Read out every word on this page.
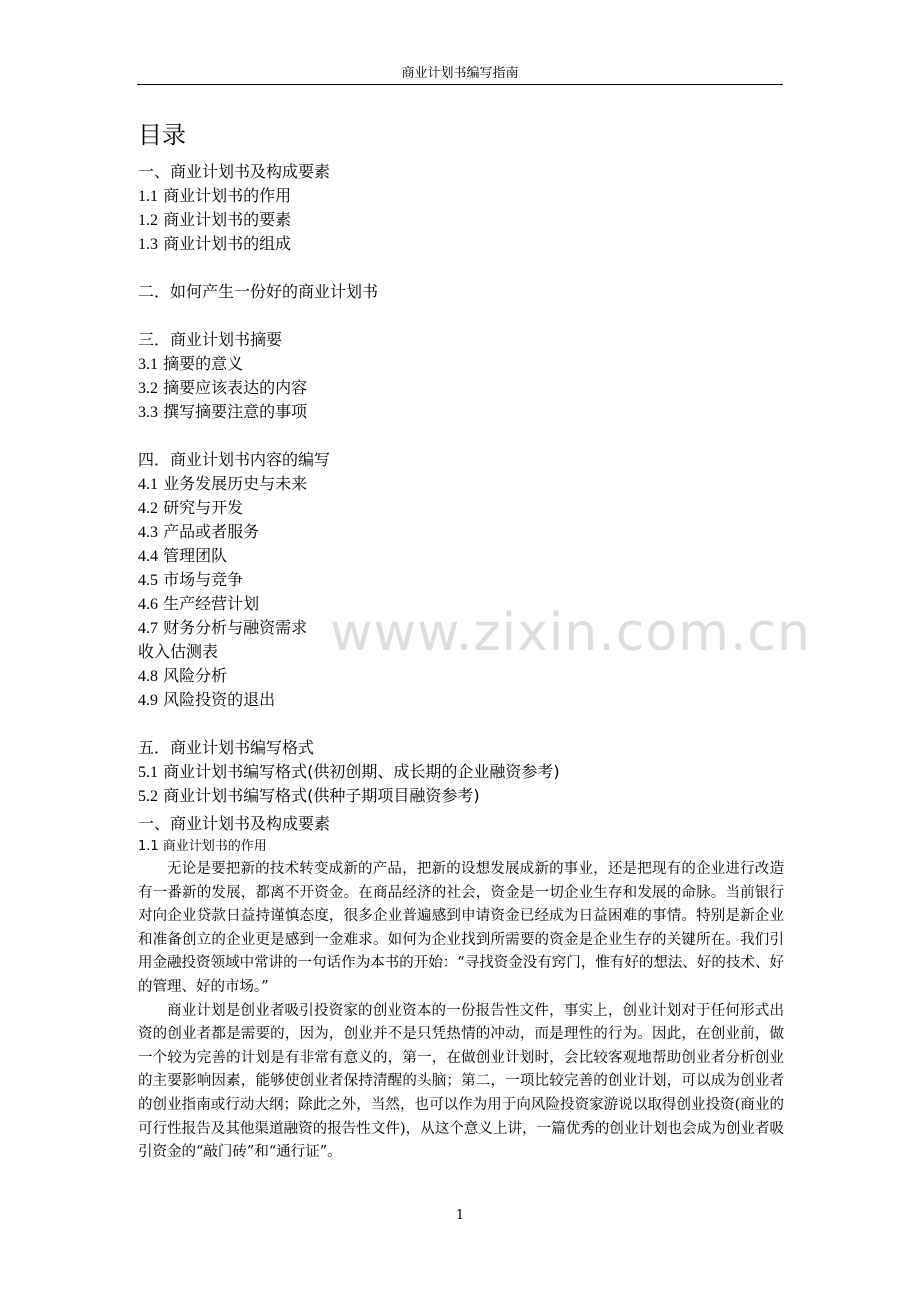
商业计划书编写指南
目录
一、商业计划书及构成要素
1.1 商业计划书的作用
1.2 商业计划书的要素
1.3 商业计划书的组成
二．如何产生一份好的商业计划书
三．商业计划书摘要
3.1 摘要的意义
3.2 摘要应该表达的内容
3.3 撰写摘要注意的事项
四．商业计划书内容的编写
4.1 业务发展历史与未来
4.2 研究与开发
4.3 产品或者服务
4.4 管理团队
4.5 市场与竞争
4.6 生产经营计划
4.7 财务分析与融资需求
收入估测表
4.8 风险分析
4.9 风险投资的退出
五．商业计划书编写格式
5.1 商业计划书编写格式(供初创期、成长期的企业融资参考)
5.2 商业计划书编写格式(供种子期项目融资参考)
一、商业计划书及构成要素
1.1 商业计划书的作用

无论是要把新的技术转变成新的产品，把新的设想发展成新的事业，还是把现有的企业进行改造有一番新的发展，都离不开资金。在商品经济的社会，资金是一切企业生存和发展的命脉。当前银行对向企业贷款日益持谨慎态度，很多企业普遍感到申请资金已经成为日益困难的事情。特别是新企业和准备创立的企业更是感到一金难求。如何为企业找到所需要的资金是企业生存的关键所在。我们引用金融投资领域中常讲的一句话作为本书的开始：“寻找资金没有窍门，惟有好的想法、好的技术、好的管理、好的市场。”

商业计划是创业者吸引投资家的创业资本的一份报告性文件，事实上，创业计划对于任何形式出资的创业者都是需要的，因为，创业并不是只凭热情的冲动，而是理性的行为。因此，在创业前，做一个较为完善的计划是有非常有意义的，第一，在做创业计划时，会比较客观地帮助创业者分析创业的主要影响因素，能够使创业者保持清醒的头脑；第二，一项比较完善的创业计划，可以成为创业者的创业指南或行动大纲；除此之外，当然，也可以作为用于向风险投资家游说以取得创业投资(商业的可行性报告及其他渠道融资的报告性文件)，从这个意义上讲，一篇优秀的创业计划也会成为创业者吸引资金的“敲门砖”和“通行证”。

www.zixin.com.cn
1
